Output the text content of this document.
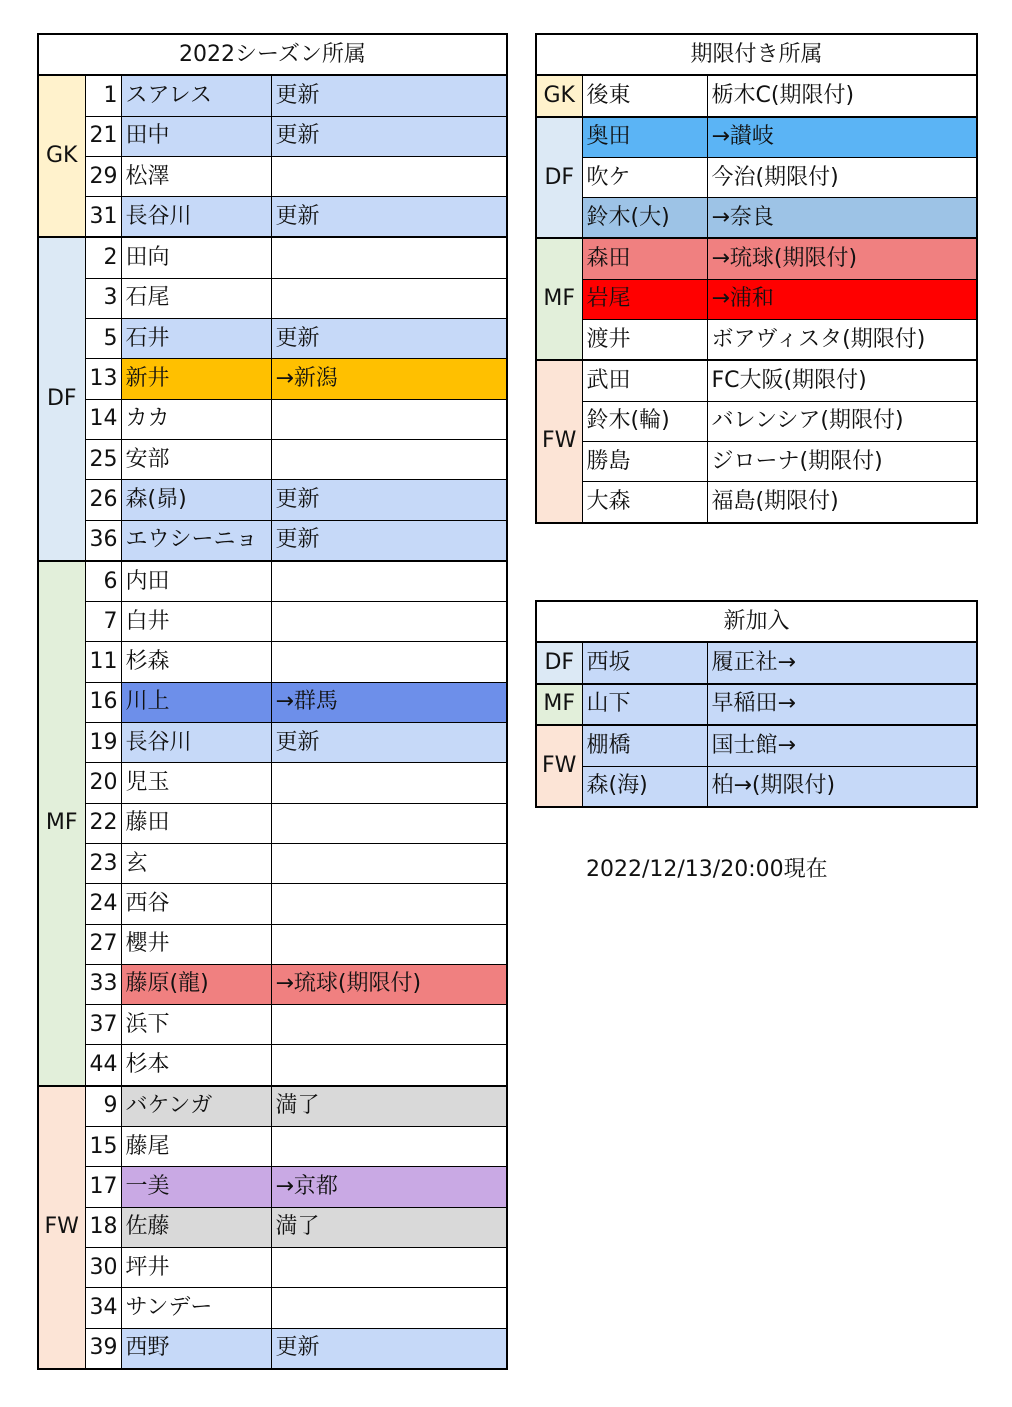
2022シーズン所属			
GK	1	スアレス	更新
	21	田中	更新
	29	松澤	
	31	長谷川	更新
DF	2	田向	
	3	石尾	
	5	石井	更新
	13	新井	→新潟
	14	カカ	
	25	安部	
	26	森(昴)	更新
	36	エウシーニョ	更新
MF	6	内田	
	7	白井	
	11	杉森	
	16	川上	→群馬
	19	長谷川	更新
	20	児玉	
	22	藤田	
	23	玄	
	24	西谷	
	27	櫻井	
	33	藤原(龍)	→琉球(期限付)
	37	浜下	
	44	杉本	
FW	9	バケンガ	満了
	15	藤尾	
	17	一美	→京都
	18	佐藤	満了
	30	坪井	
	34	サンデー	
	39	西野	更新
期限付き所属		
GK	後東	栃木C(期限付)
DF	奥田	→讃岐
	吹ケ	今治(期限付)
	鈴木(大)	→奈良
MF	森田	→琉球(期限付)
	岩尾	→浦和
	渡井	ボアヴィスタ(期限付)
FW	武田	FC大阪(期限付)
	鈴木(輪)	バレンシア(期限付)
	勝島	ジローナ(期限付)
	大森	福島(期限付)
新加入		
DF	西坂	履正社→
MF	山下	早稲田→
FW	棚橋	国士館→
	森(海)	柏→(期限付)
2022/12/13/20:00現在
